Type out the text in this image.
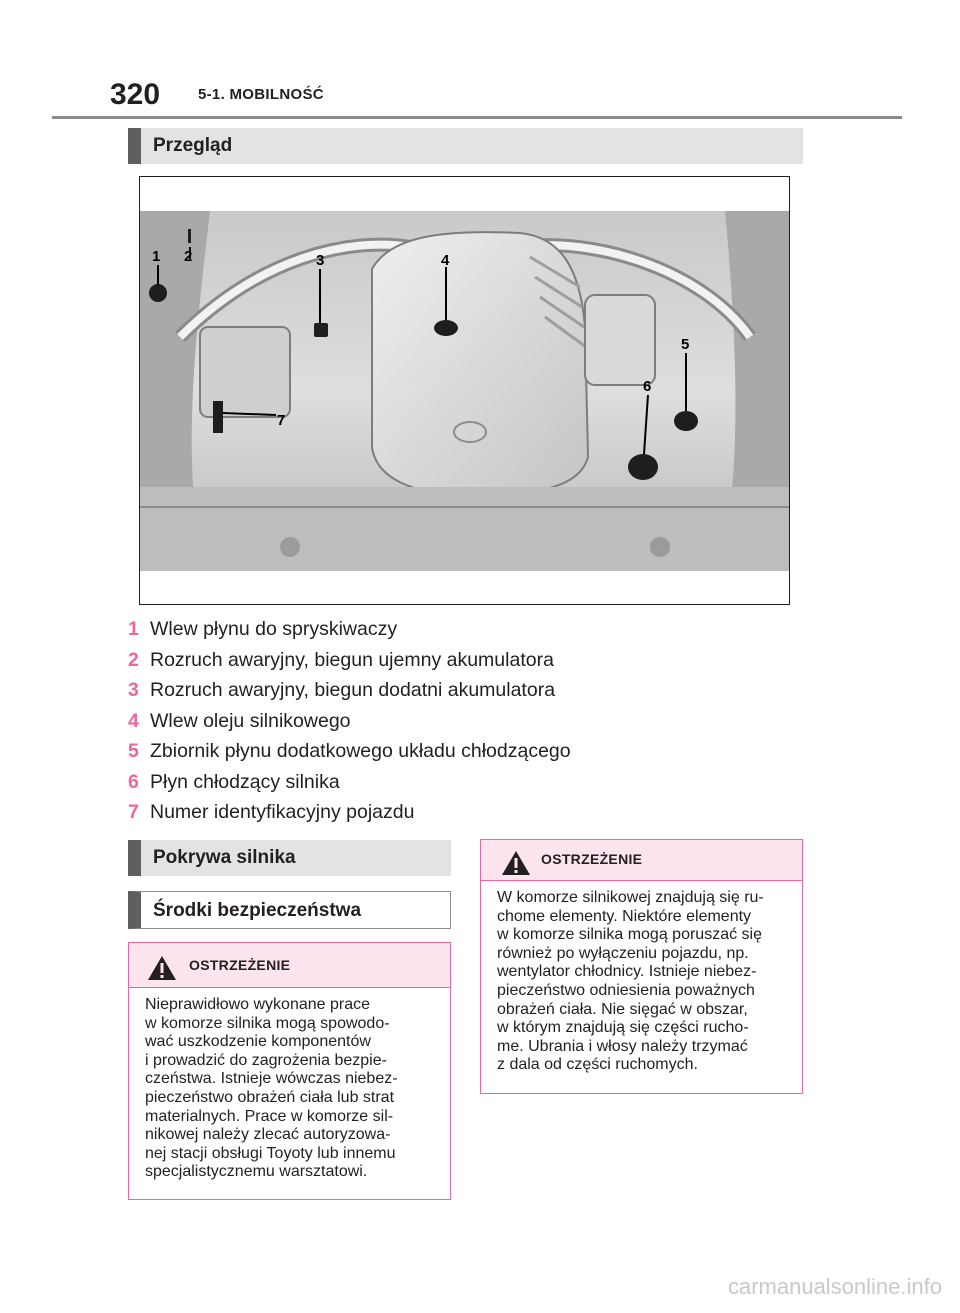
320	5-1. MOBILNOŚĆ
Przegląd
1 2	3	4
5
6
7
1 Wlew płynu do spryskiwaczy
2 Rozruch awaryjny, biegun ujemny akumulatora
3 Rozruch awaryjny, biegun dodatni akumulatora
4 Wlew oleju silnikowego
5 Zbiornik płynu dodatkowego układu chłodzącego
6 Płyn chłodzący silnika
7 Numer identyfikacyjny pojazdu
Pokrywa silnika
Środki bezpieczeństwa
OSTRZEŻENIE
Nieprawidłowo wykonane prace
w komorze silnika mogą spowodo-
wać uszkodzenie komponentów
i prowadzić do zagrożenia bezpie-
czeństwa. Istnieje wówczas niebez-
pieczeństwo obrażeń ciała lub strat
materialnych. Prace w komorze sil-
nikowej należy zlecać autoryzowa-
nej stacji obsługi Toyoty lub innemu
specjalistycznemu warsztatowi.
OSTRZEŻENIE
W komorze silnikowej znajdują się ru-
chome elementy. Niektóre elementy
w komorze silnika mogą poruszać się
również po wyłączeniu pojazdu, np.
wentylator chłodnicy. Istnieje niebez-
pieczeństwo odniesienia poważnych
obrażeń ciała. Nie sięgać w obszar,
w którym znajdują się części rucho-
me. Ubrania i włosy należy trzymać
z dala od części ruchomych.
carmanualsonline.info
